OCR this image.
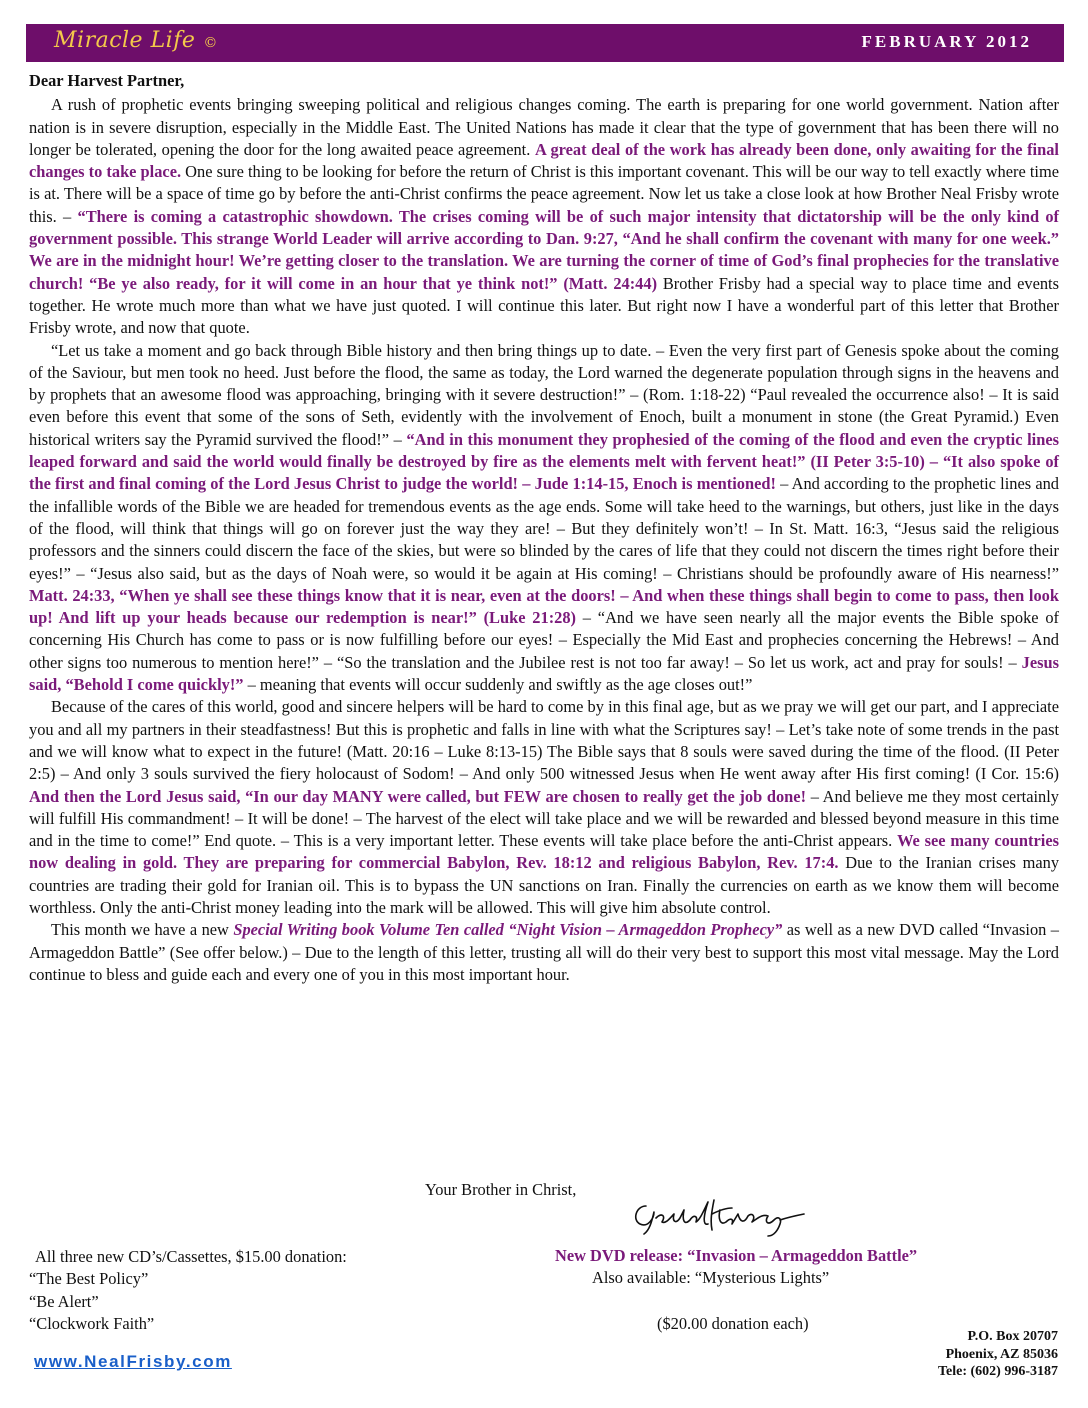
Miracle Life ©	FEBRUARY 2012
Dear Harvest Partner,

A rush of prophetic events bringing sweeping political and religious changes coming. The earth is preparing for one world government. Nation after nation is in severe disruption, especially in the Middle East. The United Nations has made it clear that the type of government that has been there will no longer be tolerated, opening the door for the long awaited peace agreement. A great deal of the work has already been done, only awaiting for the final changes to take place. One sure thing to be looking for before the return of Christ is this important covenant. This will be our way to tell exactly where time is at. There will be a space of time go by before the anti-Christ confirms the peace agreement. Now let us take a close look at how Brother Neal Frisby wrote this. – “There is coming a catastrophic showdown. The crises coming will be of such major intensity that dictatorship will be the only kind of government possible. This strange World Leader will arrive according to Dan. 9:27, “And he shall confirm the covenant with many for one week.” We are in the midnight hour! We’re getting closer to the translation. We are turning the corner of time of God’s final prophecies for the translative church! “Be ye also ready, for it will come in an hour that ye think not!” (Matt. 24:44) Brother Frisby had a special way to place time and events together. He wrote much more than what we have just quoted. I will continue this later. But right now I have a wonderful part of this letter that Brother Frisby wrote, and now that quote.

“Let us take a moment and go back through Bible history and then bring things up to date. – Even the very first part of Genesis spoke about the coming of the Saviour, but men took no heed. Just before the flood, the same as today, the Lord warned the degenerate population through signs in the heavens and by prophets that an awesome flood was approaching, bringing with it severe destruction!” – (Rom. 1:18-22) “Paul revealed the occurrence also! – It is said even before this event that some of the sons of Seth, evidently with the involvement of Enoch, built a monument in stone (the Great Pyramid.) Even historical writers say the Pyramid survived the flood!” – “And in this monument they prophesied of the coming of the flood and even the cryptic lines leaped forward and said the world would finally be destroyed by fire as the elements melt with fervent heat!” (II Peter 3:5-10) – “It also spoke of the first and final coming of the Lord Jesus Christ to judge the world! – Jude 1:14-15, Enoch is mentioned! – And according to the prophetic lines and the infallible words of the Bible we are headed for tremendous events as the age ends. Some will take heed to the warnings, but others, just like in the days of the flood, will think that things will go on forever just the way they are! – But they definitely won’t! – In St. Matt. 16:3, “Jesus said the religious professors and the sinners could discern the face of the skies, but were so blinded by the cares of life that they could not discern the times right before their eyes!” – “Jesus also said, but as the days of Noah were, so would it be again at His coming! – Christians should be profoundly aware of His nearness!” Matt. 24:33, “When ye shall see these things know that it is near, even at the doors! – And when these things shall begin to come to pass, then look up! And lift up your heads because our redemption is near!” (Luke 21:28) – “And we have seen nearly all the major events the Bible spoke of concerning His Church has come to pass or is now fulfilling before our eyes! – Especially the Mid East and prophecies concerning the Hebrews! – And other signs too numerous to mention here!” – “So the translation and the Jubilee rest is not too far away! – So let us work, act and pray for souls! – Jesus said, “Behold I come quickly!” – meaning that events will occur suddenly and swiftly as the age closes out!”

Because of the cares of this world, good and sincere helpers will be hard to come by in this final age, but as we pray we will get our part, and I appreciate you and all my partners in their steadfastness! But this is prophetic and falls in line with what the Scriptures say! – Let’s take note of some trends in the past and we will know what to expect in the future! (Matt. 20:16 – Luke 8:13-15) The Bible says that 8 souls were saved during the time of the flood. (II Peter 2:5) – And only 3 souls survived the fiery holocaust of Sodom! – And only 500 witnessed Jesus when He went away after His first coming! (I Cor. 15:6) And then the Lord Jesus said, “In our day MANY were called, but FEW are chosen to really get the job done! – And believe me they most certainly will fulfill His commandment! – It will be done! – The harvest of the elect will take place and we will be rewarded and blessed beyond measure in this time and in the time to come!” End quote. – This is a very important letter. These events will take place before the anti-Christ appears. We see many countries now dealing in gold. They are preparing for commercial Babylon, Rev. 18:12 and religious Babylon, Rev. 17:4. Due to the Iranian crises many countries are trading their gold for Iranian oil. This is to bypass the UN sanctions on Iran. Finally the currencies on earth as we know them will become worthless. Only the anti-Christ money leading into the mark will be allowed. This will give him absolute control.

This month we have a new Special Writing book Volume Ten called “Night Vision – Armageddon Prophecy” as well as a new DVD called “Invasion – Armageddon Battle” (See offer below.) – Due to the length of this letter, trusting all will do their very best to support this most vital message. May the Lord continue to bless and guide each and every one of you in this most important hour.

Your Brother in Christ,
All three new CD’s/Cassettes, $15.00 donation:
“The Best Policy”
“Be Alert”
“Clockwork Faith”
New DVD release: “Invasion – Armageddon Battle”
Also available: “Mysterious Lights”
($20.00 donation each)
P.O. Box 20707
Phoenix, AZ 85036
Tele: (602) 996-3187
www.NealFrisby.com
